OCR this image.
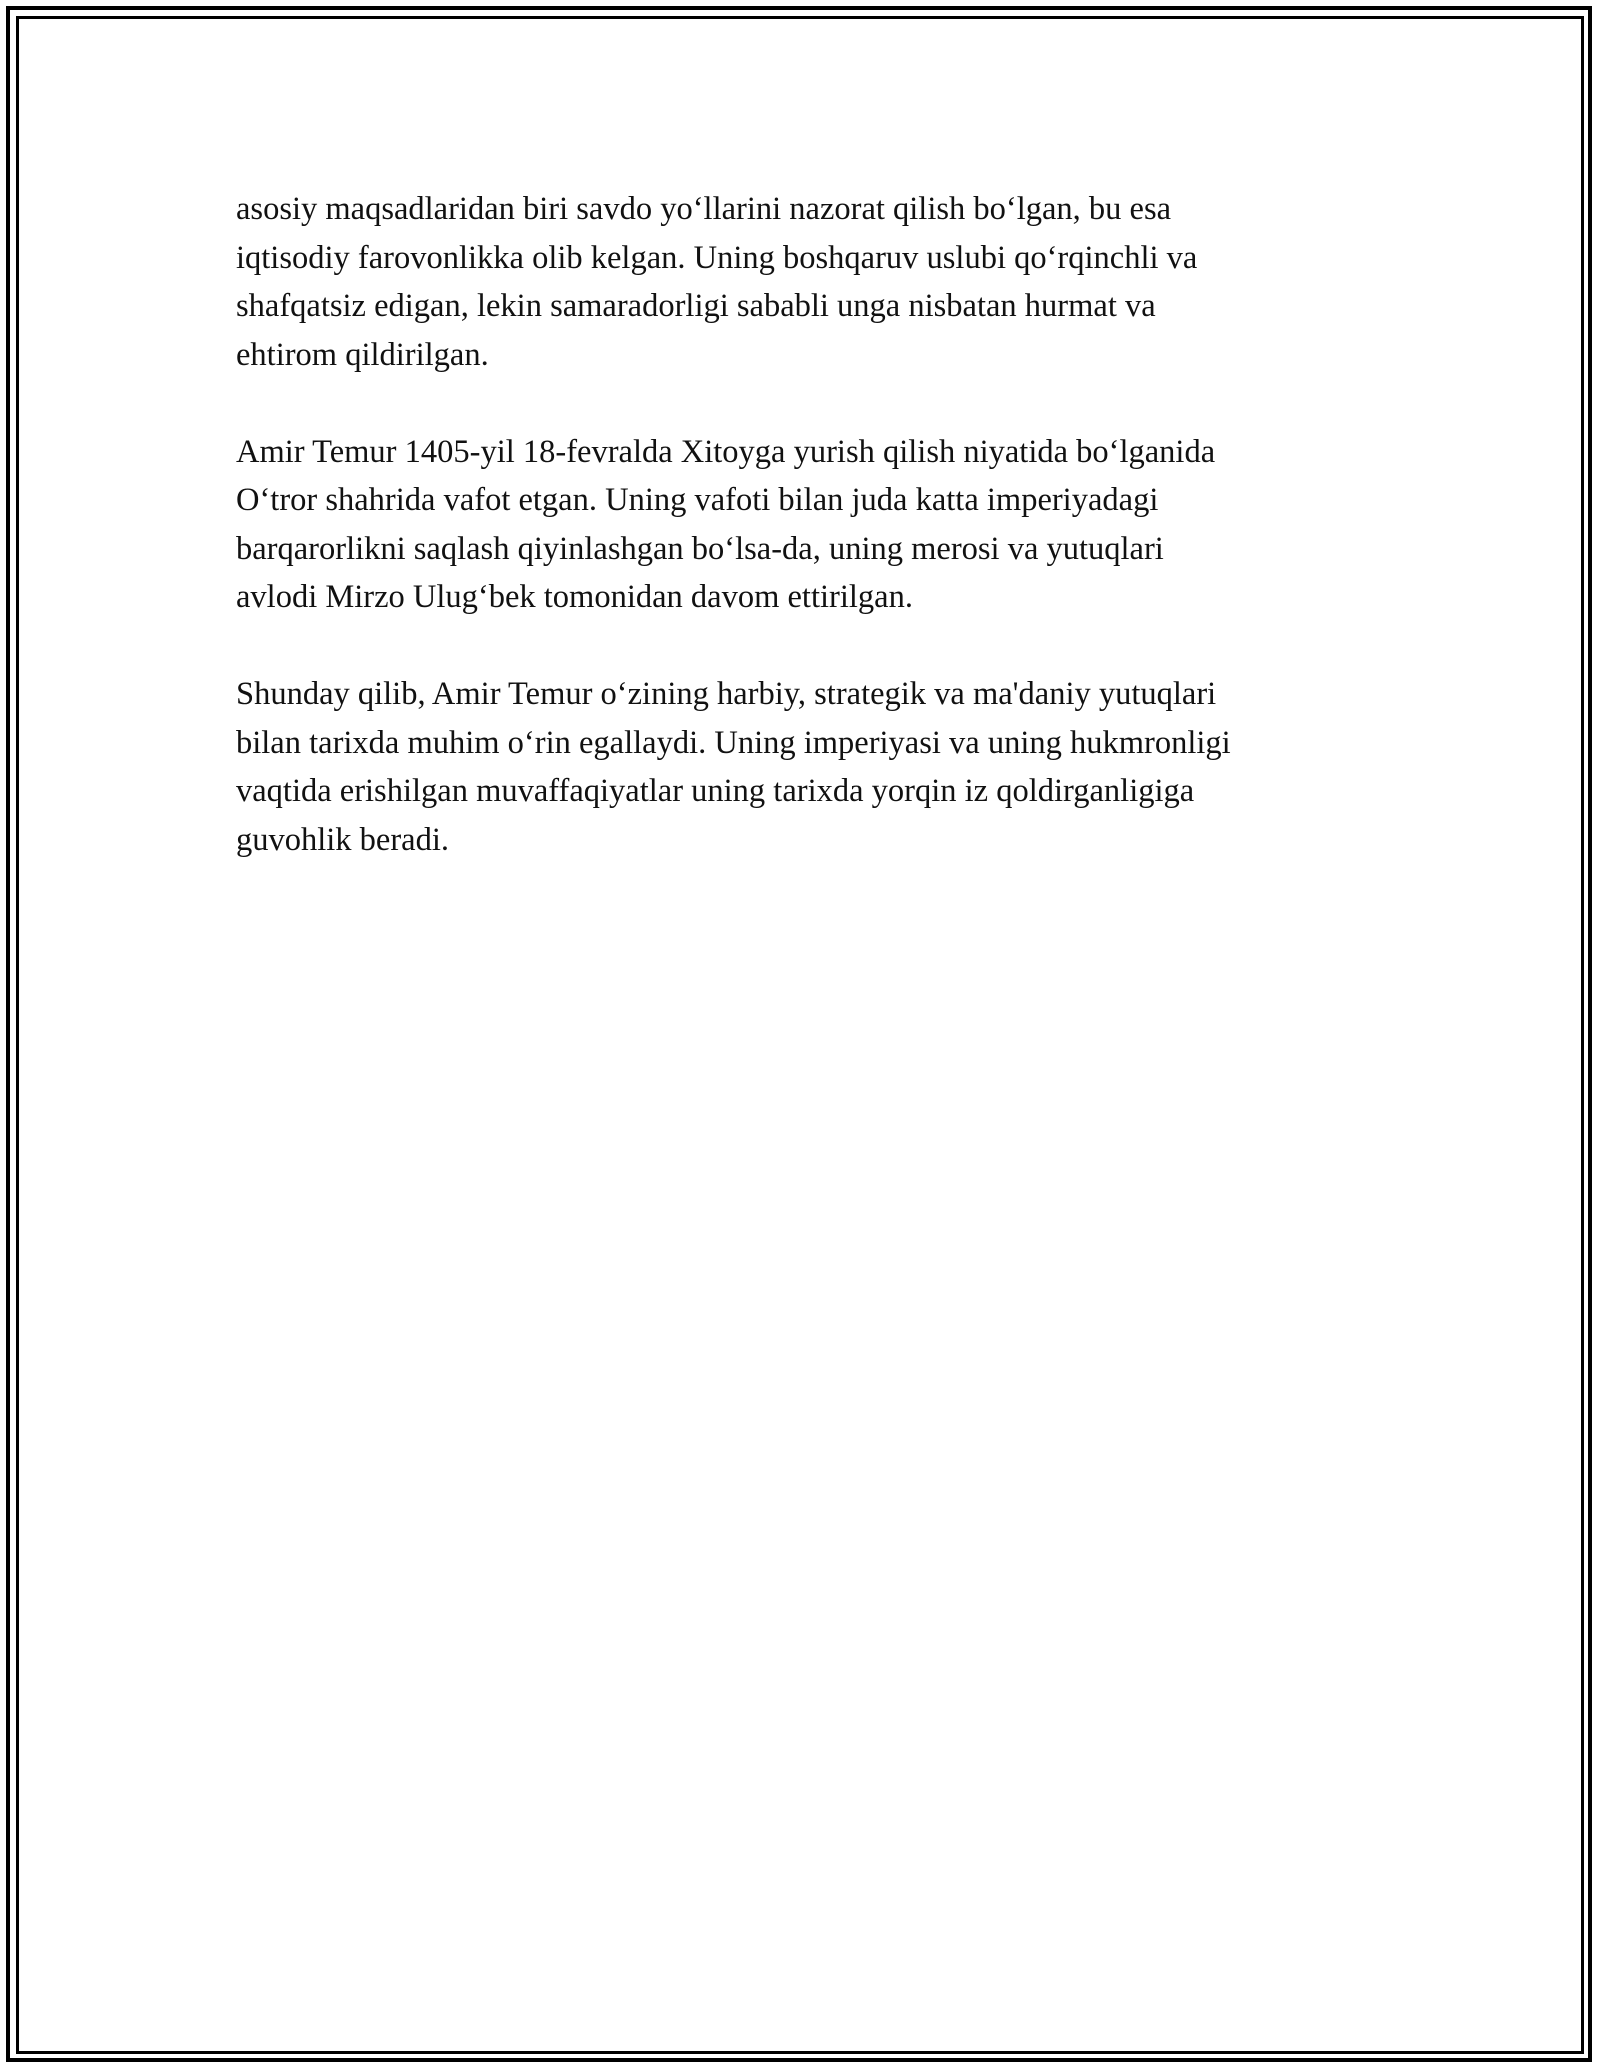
asosiy maqsadlaridan biri savdo yo‘llarini nazorat qilish bo‘lgan, bu esa
iqtisodiy farovonlikka olib kelgan. Uning boshqaruv uslubi qo‘rqinchli va
shafqatsiz edigan, lekin samaradorligi sababli unga nisbatan hurmat va
ehtirom qildirilgan.

Amir Temur 1405-yil 18-fevralda Xitoyga yurish qilish niyatida bo‘lganida
O‘tror shahrida vafot etgan. Uning vafoti bilan juda katta imperiyadagi
barqarorlikni saqlash qiyinlashgan bo‘lsa-da, uning merosi va yutuqlari
avlodi Mirzo Ulug‘bek tomonidan davom ettirilgan.

Shunday qilib, Amir Temur o‘zining harbiy, strategik va ma'daniy yutuqlari
bilan tarixda muhim o‘rin egallaydi. Uning imperiyasi va uning hukmronligi
vaqtida erishilgan muvaffaqiyatlar uning tarixda yorqin iz qoldirganligiga
guvohlik beradi.
